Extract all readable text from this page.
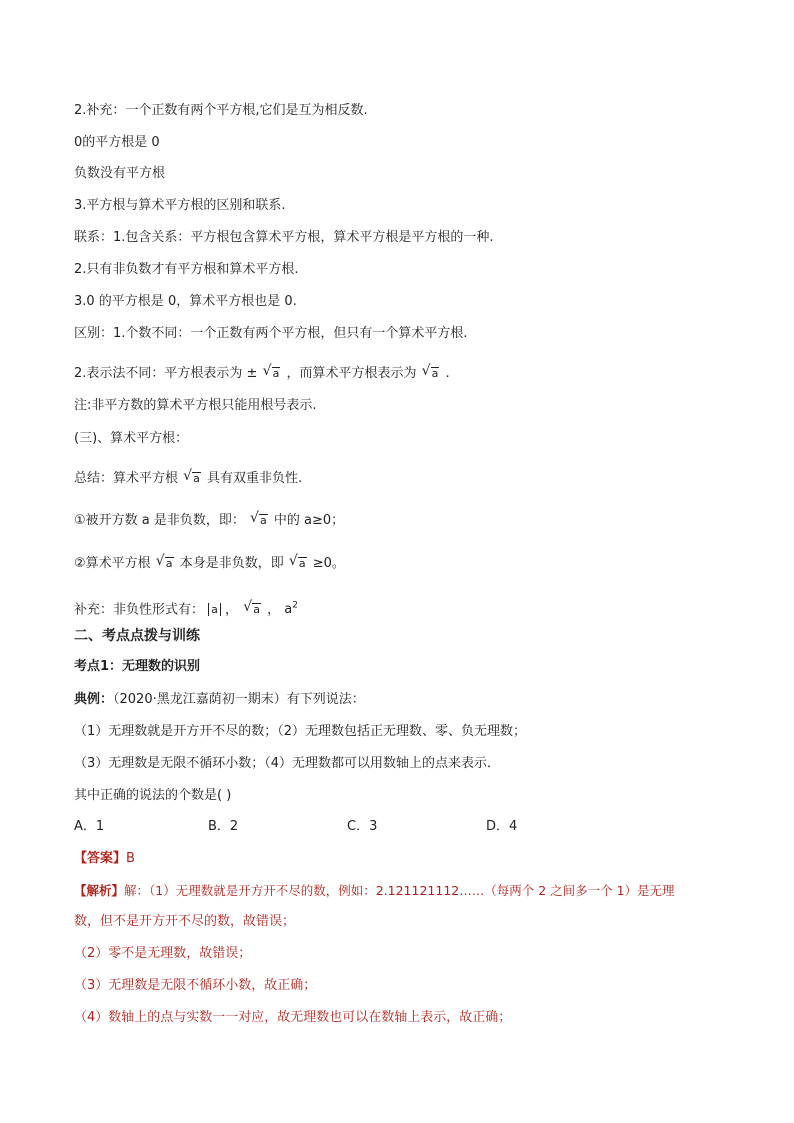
2.补充：一个正数有两个平方根,它们是互为相反数.
0的平方根是 0
负数没有平方根
3.平方根与算术平方根的区别和联系.
联系：1.包含关系：平方根包含算术平方根，算术平方根是平方根的一种.
2.只有非负数才有平方根和算术平方根.
3.0 的平方根是 0，算术平方根也是 0.
区别：1.个数不同：一个正数有两个平方根，但只有一个算术平方根.
2.表示法不同：平方根表示为 ± √ a ，而算术平方根表示为 √ a .
注:非平方数的算术平方根只能用根号表示.
(三)、算术平方根：
总结：算术平方根 √ a 具有双重非负性.
①被开方数 a 是非负数，即： √ a 中的 a≥0；
②算术平方根 √ a 本身是非负数，即 √ a ≥0。
补充：非负性形式有： a ， √ a ， $a^2$
二、考点点拨与训练
考点1：无理数的识别
典例：（2020·黑龙江嘉荫初一期末）有下列说法：
（1）无理数就是开方开不尽的数；（2）无理数包括正无理数、零、负无理数；
（3）无理数是无限不循环小数；（4）无理数都可以用数轴上的点来表示．
其中正确的说法的个数是( )
A．1	B．2	C．3	D．4
【答案】B
【解析】解：（1）无理数就是开方开不尽的数，例如：2.121121112……（每两个 2 之间多一个 1）是无理
数，但不是开方开不尽的数，故错误；
（2）零不是无理数，故错误；
（3）无理数是无限不循环小数，故正确；
（4）数轴上的点与实数一一对应，故无理数也可以在数轴上表示，故正确；
